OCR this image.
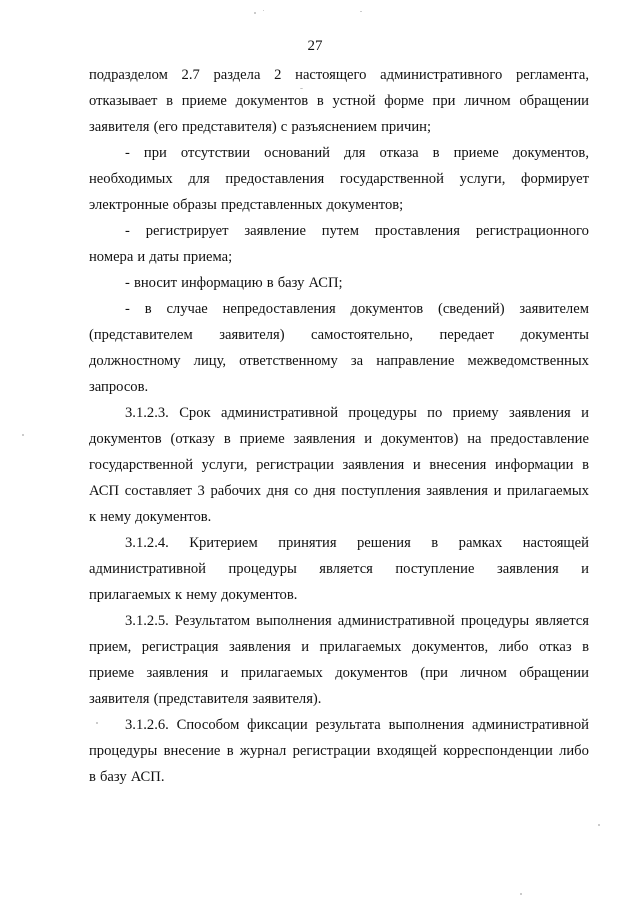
27
подразделом 2.7 раздела 2 настоящего административного регламента,
отказывает в приеме документов в устной форме при личном обращении
заявителя (его представителя) с разъяснением причин;
- при отсутствии оснований для отказа в приеме документов,
необходимых для предоставления государственной услуги, формирует
электронные образы представленных документов;
- регистрирует заявление путем проставления регистрационного
номера и даты приема;
- вносит информацию в базу АСП;
- в случае непредоставления документов (сведений) заявителем
(представителем заявителя) самостоятельно, передает документы
должностному лицу, ответственному за направление межведомственных
запросов.
3.1.2.3. Срок административной процедуры по приему заявления и
документов (отказу в приеме заявления и документов) на предоставление
государственной услуги, регистрации заявления и внесения информации в
АСП составляет 3 рабочих дня со дня поступления заявления и прилагаемых
к нему документов.
3.1.2.4. Критерием принятия решения в рамках настоящей
административной процедуры является поступление заявления и
прилагаемых к нему документов.
3.1.2.5. Результатом выполнения административной процедуры является
прием, регистрация заявления и прилагаемых документов, либо отказ в
приеме заявления и прилагаемых документов (при личном обращении
заявителя (представителя заявителя).
3.1.2.6. Способом фиксации результата выполнения административной
процедуры внесение в журнал регистрации входящей корреспонденции либо
в базу АСП.
